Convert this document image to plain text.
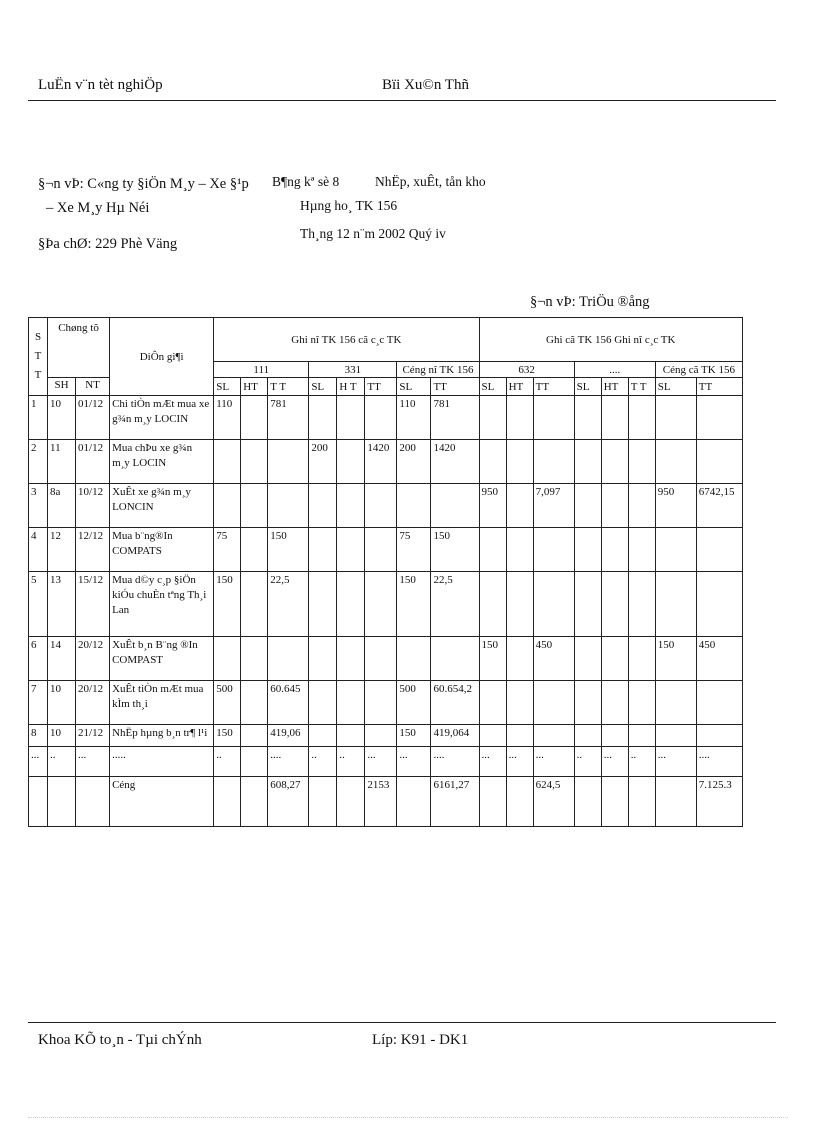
LuËn v¨n tèt nghiÖp	Bïi Xu©n Thñ
§¬n vÞ: C«ng ty §iÖn M¸y – Xe §¹p
– Xe M¸y Hµ Néi
§Þa chØ: 229 Phè Väng
B¶ng kª sè 8	NhËp, xuÊt, tån kho
Hµng ho¸ TK 156
Th¸ng 12 n¨m 2002 Quý iv
§¬n vÞ: TriÖu ®ång
S T T	Chøng tõ		DiÔn gi¶i	Ghi nî TK 156 cã c¸c TK								Ghi cã TK 156 Ghi nî c¸c TK							
				111			331			Céng nî TK 156		632			....			Céng cã TK 156	
	SH	NT		SL	HT	T T	SL	H T	TT	SL	TT	SL	HT	TT	SL	HT	T T	SL	TT
1	10	01/12	Chi tiÒn mÆt mua xe g¾n m¸y LOCIN	110		781				110	781								
2	11	01/12	Mua chÞu xe g¾n m¸y LOCIN				200		1420	200	1420								
3	8a	10/12	XuÊt xe g¾n m¸y LONCIN									950		7,097				950	6742,15
4	12	12/12	Mua b¨ng®In COMPATS	75		150				75	150								
5	13	15/12	Mua d©y c¸p §iÖn kiÓu chuÈn tªng Th¸i Lan	150		22,5				150	22,5								
6	14	20/12	XuÊt b¸n B¨ng ®In COMPAST									150		450				150	450
7	10	20/12	XuÊt tiÒn mÆt mua kÌm th¸i	500		60.645				500	60.654,2								
8	10	21/12	NhËp hµng b¸n tr¶ l¹i	150		419,06				150	419,064								
...	..	...	.....	..		....	..	..	...	...	....	...	...	...	..	...	..	...	....
			Céng			608,27			2153		6161,27			624,5					7.125.3
Khoa KÕ to¸n - Tµi chÝnh	Líp: K91 - DK1
